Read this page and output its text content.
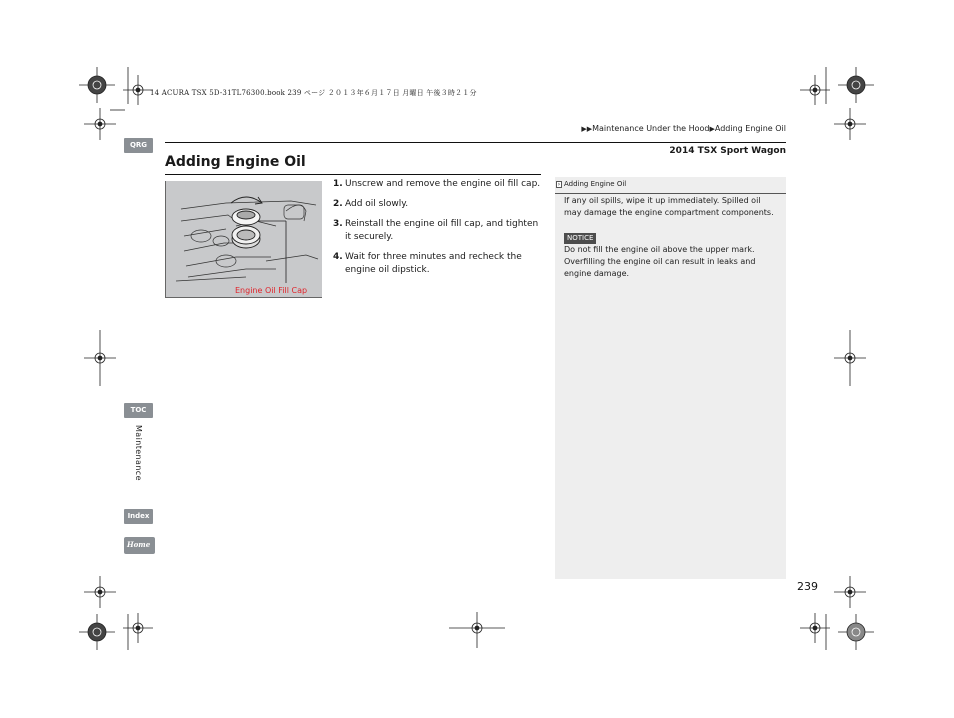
14 ACURA TSX 5D-31TL76300.book 239 ページ ２０１３年６月１７日 月曜日 午後３時２１分
▶▶Maintenance Under the Hood▶Adding Engine Oil
2014 TSX Sport Wagon
Adding Engine Oil
QRG
TOC
Maintenance
Index
Home
Engine Oil Fill Cap
1. Unscrew and remove the engine oil fill cap.
2. Add oil slowly.
3. Reinstall the engine oil fill cap, and tighten it securely.
4. Wait for three minutes and recheck the engine oil dipstick.
› Adding Engine Oil
If any oil spills, wipe it up immediately. Spilled oil may damage the engine compartment components.
NOTICE
Do not fill the engine oil above the upper mark. Overfilling the engine oil can result in leaks and engine damage.
239
